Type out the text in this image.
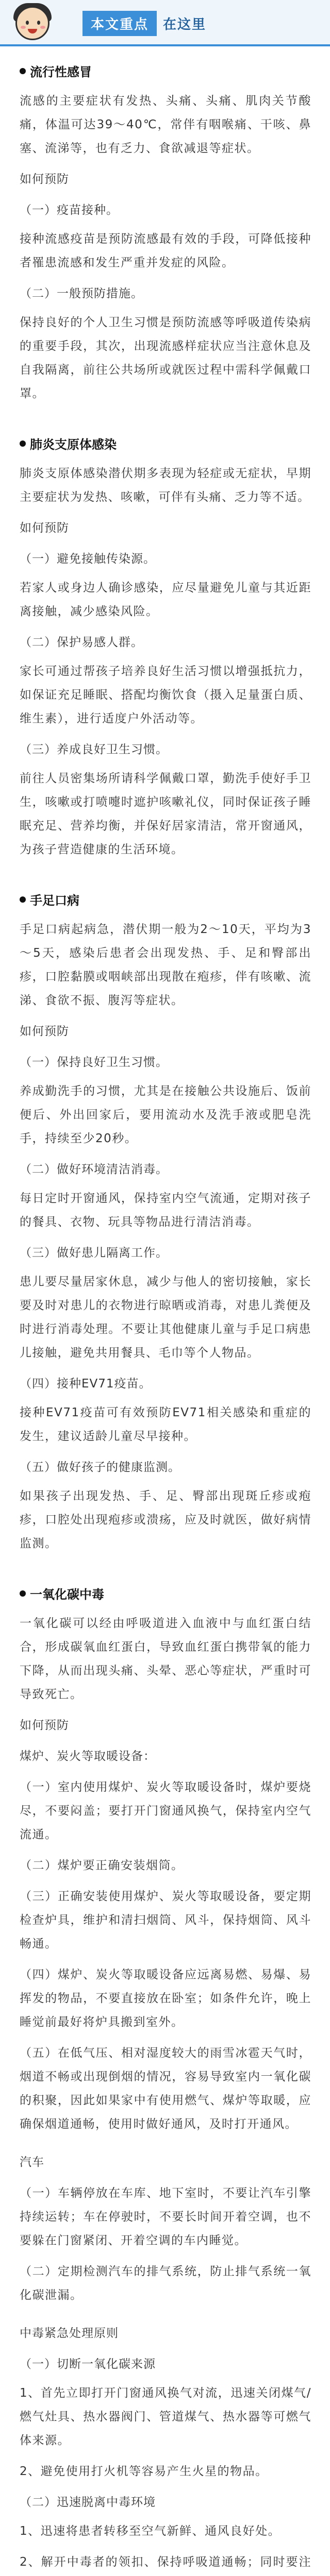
本文重点	在这里
流行性感冒

流感的主要症状有发热、头痛、头痛、肌肉关节酸痛，体温可达39～40℃，常伴有咽喉痛、干咳、鼻塞、流涕等，也有乏力、食欲减退等症状。

如何预防

（一）疫苗接种。

接种流感疫苗是预防流感最有效的手段，可降低接种者罹患流感和发生严重并发症的风险。

（二）一般预防措施。

保持良好的个人卫生习惯是预防流感等呼吸道传染病的重要手段，其次，出现流感样症状应当注意休息及自我隔离，前往公共场所或就医过程中需科学佩戴口罩。

肺炎支原体感染

肺炎支原体感染潜伏期多表现为轻症或无症状，早期主要症状为发热、咳嗽，可伴有头痛、乏力等不适。

如何预防

（一）避免接触传染源。

若家人或身边人确诊感染，应尽量避免儿童与其近距离接触，减少感染风险。

（二）保护易感人群。

家长可通过帮孩子培养良好生活习惯以增强抵抗力，如保证充足睡眠、搭配均衡饮食（摄入足量蛋白质、维生素），进行适度户外活动等。

（三）养成良好卫生习惯。

前往人员密集场所请科学佩戴口罩，勤洗手使好手卫生，咳嗽或打喷嚏时遮护咳嗽礼仪，同时保证孩子睡眠充足、营养均衡，并保好居家清洁，常开窗通风，为孩子营造健康的生活环境。

手足口病

手足口病起病急，潜伏期一般为2～10天，平均为3～5天，感染后患者会出现发热、手、足和臀部出疹，口腔黏膜或咽峡部出现散在疱疹，伴有咳嗽、流涕、食欲不振、腹泻等症状。

如何预防

（一）保持良好卫生习惯。

养成勤洗手的习惯，尤其是在接触公共设施后、饭前便后、外出回家后，要用流动水及洗手液或肥皂洗手，持续至少20秒。

（二）做好环境清洁消毒。

每日定时开窗通风，保持室内空气流通，定期对孩子的餐具、衣物、玩具等物品进行清洁消毒。

（三）做好患儿隔离工作。

患儿要尽量居家休息，减少与他人的密切接触，家长要及时对患儿的衣物进行晾晒或消毒，对患儿粪便及时进行消毒处理。不要让其他健康儿童与手足口病患儿接触，避免共用餐具、毛巾等个人物品。

（四）接种EV71疫苗。

接种EV71疫苗可有效预防EV71相关感染和重症的发生，建议适龄儿童尽早接种。

（五）做好孩子的健康监测。

如果孩子出现发热、手、足、臀部出现斑丘疹或疱疹，口腔处出现疱疹或溃疡，应及时就医，做好病情监测。

一氧化碳中毒

一氧化碳可以经由呼吸道进入血液中与血红蛋白结合，形成碳氧血红蛋白，导致血红蛋白携带氧的能力下降，从而出现头痛、头晕、恶心等症状，严重时可导致死亡。

如何预防

煤炉、炭火等取暖设备：

（一）室内使用煤炉、炭火等取暖设备时，煤炉要烧尽，不要闷盖；要打开门窗通风换气，保持室内空气流通。

（二）煤炉要正确安装烟筒。

（三）正确安装使用煤炉、炭火等取暖设备，要定期检查炉具，维护和清扫烟筒、风斗，保持烟筒、风斗畅通。

（四）煤炉、炭火等取暖设备应远离易燃、易爆、易挥发的物品，不要直接放在卧室；如条件允许，晚上睡觉前最好将炉具搬到室外。

（五）在低气压、相对湿度较大的雨雪冰雹天气时，烟道不畅或出现倒烟的情况，容易导致室内一氧化碳的积聚，因此如果家中有使用燃气、煤炉等取暖，应确保烟道通畅，使用时做好通风，及时打开通风。

汽车

（一）车辆停放在车库、地下室时，不要让汽车引擎持续运转；车在停驶时，不要长时间开着空调，也不要躲在门窗紧闭、开着空调的车内睡觉。

（二）定期检测汽车的排气系统，防止排气系统一氧化碳泄漏。

中毒紧急处理原则

（一）切断一氧化碳来源

1、首先立即打开门窗通风换气对流，迅速关闭煤气/燃气灶具、热水器阀门、管道煤气、热水器等可燃气体来源。

2、避免使用打火机等容易产生火星的物品。

（二）迅速脱离中毒环境

1、迅速将患者转移至空气新鲜、通风良好处。

2、解开中毒者的领扣、保持呼吸道通畅；同时要注
